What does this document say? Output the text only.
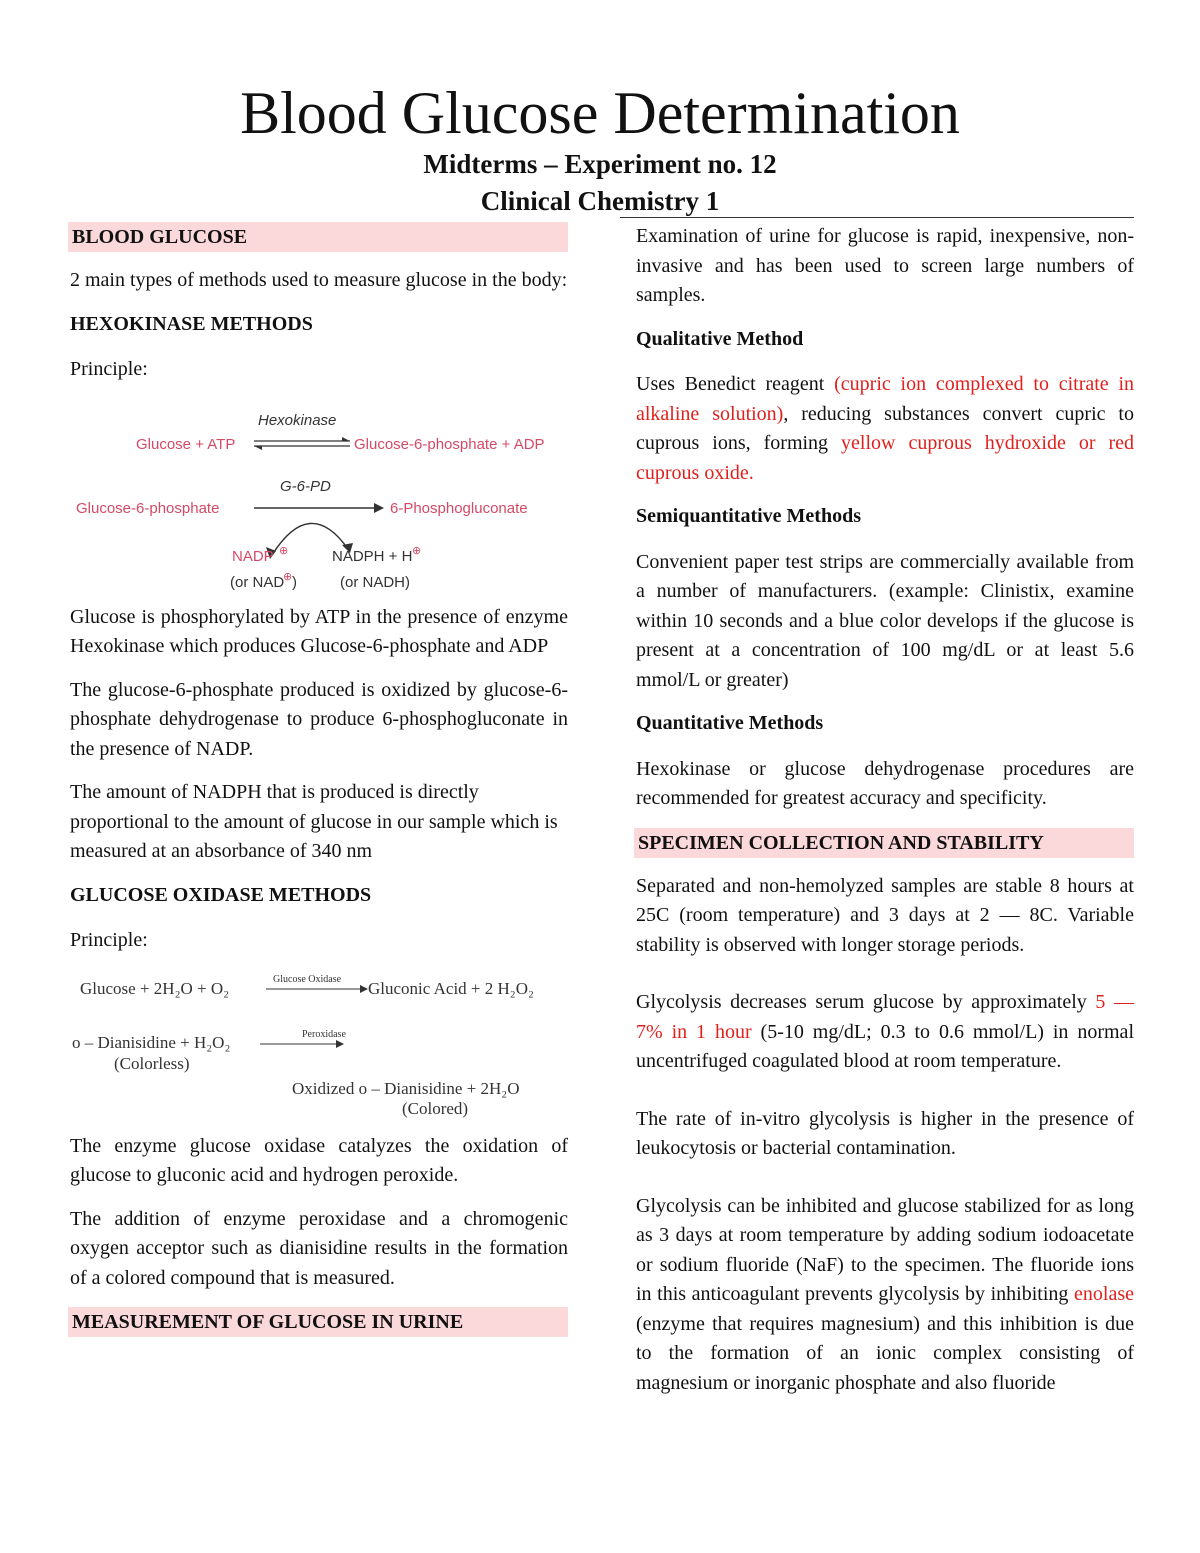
Blood Glucose Determination
Midterms – Experiment no. 12
Clinical Chemistry 1
BLOOD GLUCOSE

2 main types of methods used to measure glucose in the body:

HEXOKINASE METHODS

Principle:

Hexokinase
Glucose + ATP	Glucose-6-phosphate + ADP
G-6-PD
Glucose-6-phosphate	6-Phosphogluconate
NADP ⊕	NADPH + H ⊕
(or NAD
⊕ )	(or NADH)

Glucose is phosphorylated by ATP in the presence of enzyme Hexokinase which produces Glucose-6-phosphate and ADP

The glucose-6-phosphate produced is oxidized by glucose-6-phosphate dehydrogenase to produce 6-phosphogluconate in the presence of NADP.

The amount of NADPH that is produced is directly proportional to the amount of glucose in our sample which is measured at an absorbance of 340 nm

GLUCOSE OXIDASE METHODS

Principle:

Glucose + 2H₂O + O₂	Glucose Oxidase Gluconic Acid + 2 H₂O₂
o – Dianisidine + H₂O₂	Peroxidase
(Colorless)
Oxidized o – Dianisidine + 2H₂O
(Colored)

The enzyme glucose oxidase catalyzes the oxidation of glucose to gluconic acid and hydrogen peroxide.

The addition of enzyme peroxidase and a chromogenic oxygen acceptor such as dianisidine results in the formation of a colored compound that is measured.

MEASUREMENT OF GLUCOSE IN URINE

Examination of urine for glucose is rapid, inexpensive, non-invasive and has been used to screen large numbers of samples.

Qualitative Method

Uses Benedict reagent (cupric ion complexed to citrate in alkaline solution), reducing substances convert cupric to cuprous ions, forming yellow cuprous hydroxide or red cuprous oxide.

Semiquantitative Methods

Convenient paper test strips are commercially available from a number of manufacturers. (example: Clinistix, examine within 10 seconds and a blue color develops if the glucose is present at a concentration of 100 mg/dL or at least 5.6 mmol/L or greater)

Quantitative Methods

Hexokinase or glucose dehydrogenase procedures are recommended for greatest accuracy and specificity.

SPECIMEN COLLECTION AND STABILITY

Separated and non-hemolyzed samples are stable 8 hours at 25C (room temperature) and 3 days at 2 — 8C. Variable stability is observed with longer storage periods.

Glycolysis decreases serum glucose by approximately 5 — 7% in 1 hour (5-10 mg/dL; 0.3 to 0.6 mmol/L) in normal uncentrifuged coagulated blood at room temperature.

The rate of in-vitro glycolysis is higher in the presence of leukocytosis or bacterial contamination.

Glycolysis can be inhibited and glucose stabilized for as long as 3 days at room temperature by adding sodium iodoacetate or sodium fluoride (NaF) to the specimen. The fluoride ions in this anticoagulant prevents glycolysis by inhibiting enolase (enzyme that requires magnesium) and this inhibition is due to the formation of an ionic complex consisting of magnesium or inorganic phosphate and also fluoride
